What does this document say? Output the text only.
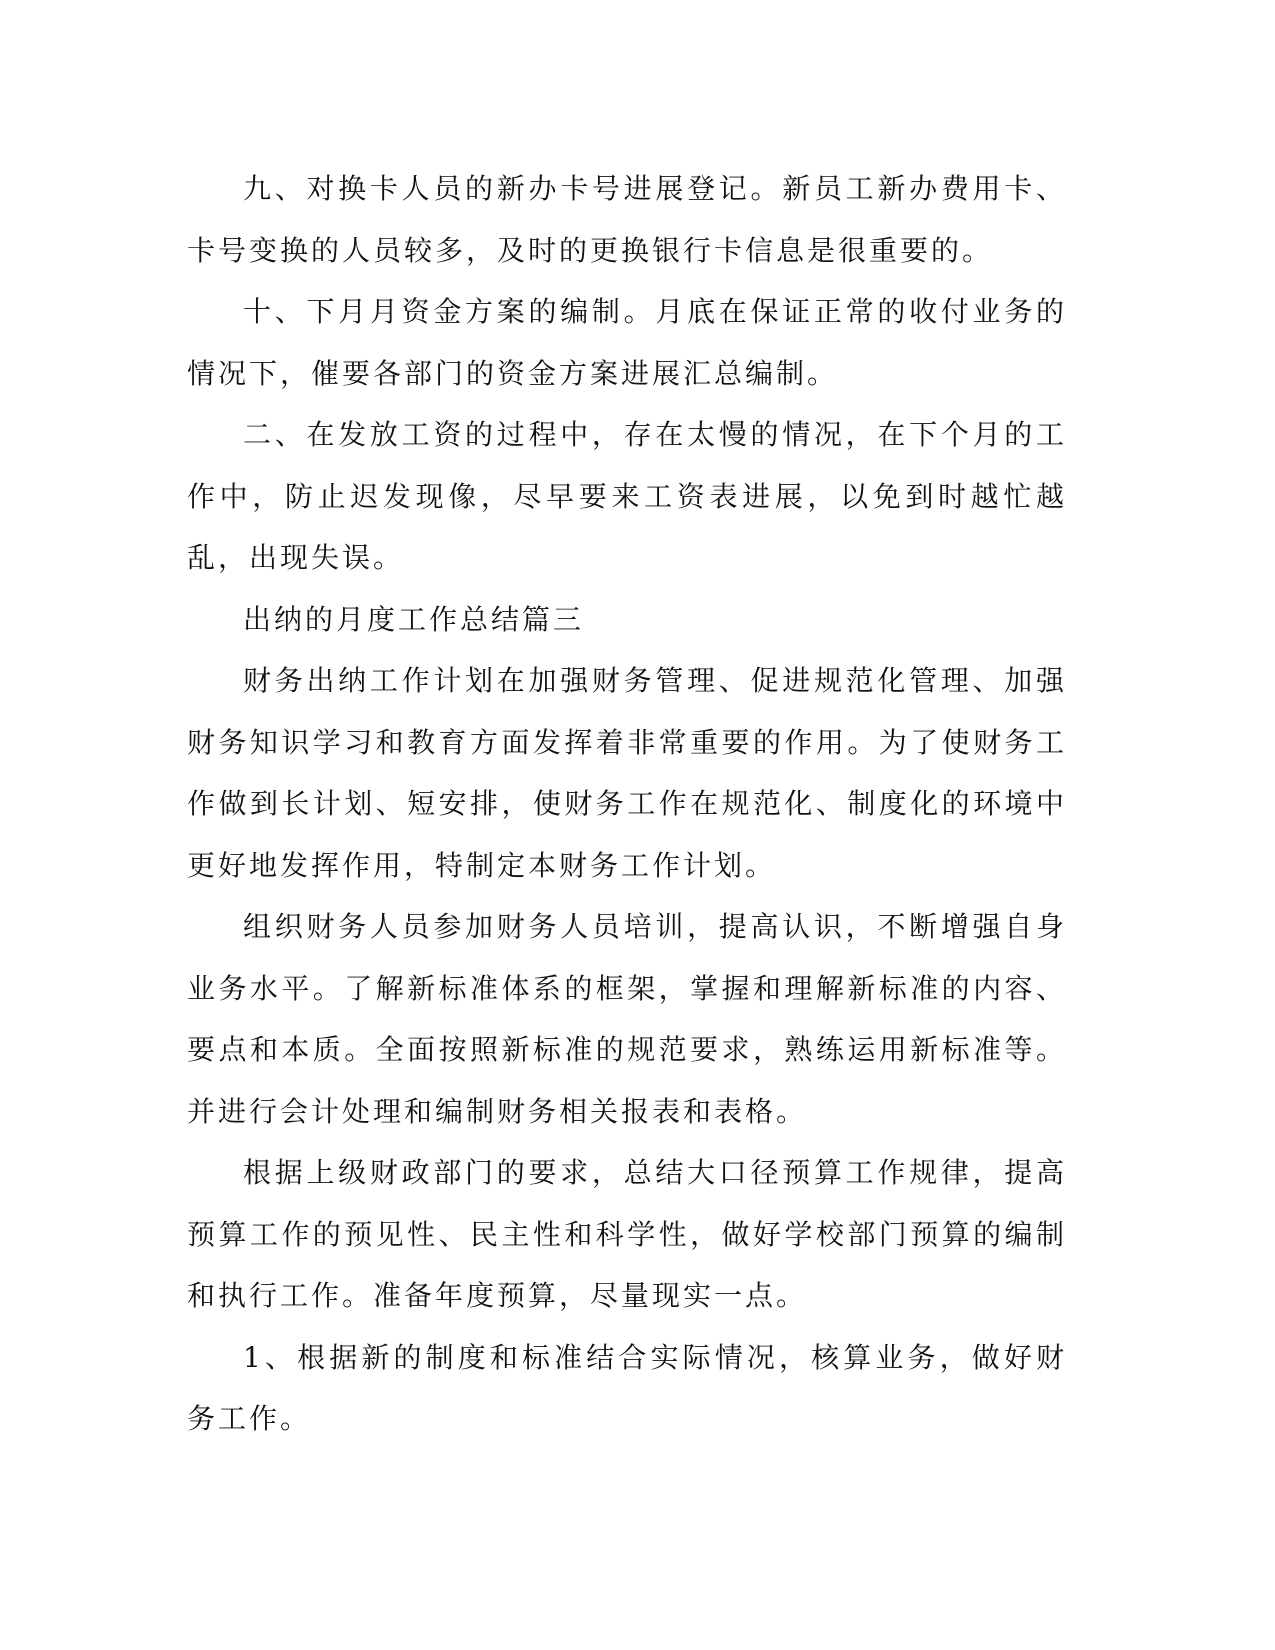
九、对换卡人员的新办卡号进展登记。新员工新办费用卡、卡号变换的人员较多，及时的更换银行卡信息是很重要的。

十、下月月资金方案的编制。月底在保证正常的收付业务的情况下，催要各部门的资金方案进展汇总编制。

二、在发放工资的过程中，存在太慢的情况，在下个月的工作中，防止迟发现像，尽早要来工资表进展，以免到时越忙越乱，出现失误。

出纳的月度工作总结篇三

财务出纳工作计划在加强财务管理、促进规范化管理、加强财务知识学习和教育方面发挥着非常重要的作用。为了使财务工作做到长计划、短安排，使财务工作在规范化、制度化的环境中更好地发挥作用，特制定本财务工作计划。

组织财务人员参加财务人员培训，提高认识，不断增强自身业务水平。了解新标准体系的框架，掌握和理解新标准的内容、要点和本质。全面按照新标准的规范要求，熟练运用新标准等。并进行会计处理和编制财务相关报表和表格。

根据上级财政部门的要求，总结大口径预算工作规律，提高预算工作的预见性、民主性和科学性，做好学校部门预算的编制和执行工作。准备年度预算，尽量现实一点。

1、根据新的制度和标准结合实际情况，核算业务，做好财务工作。
